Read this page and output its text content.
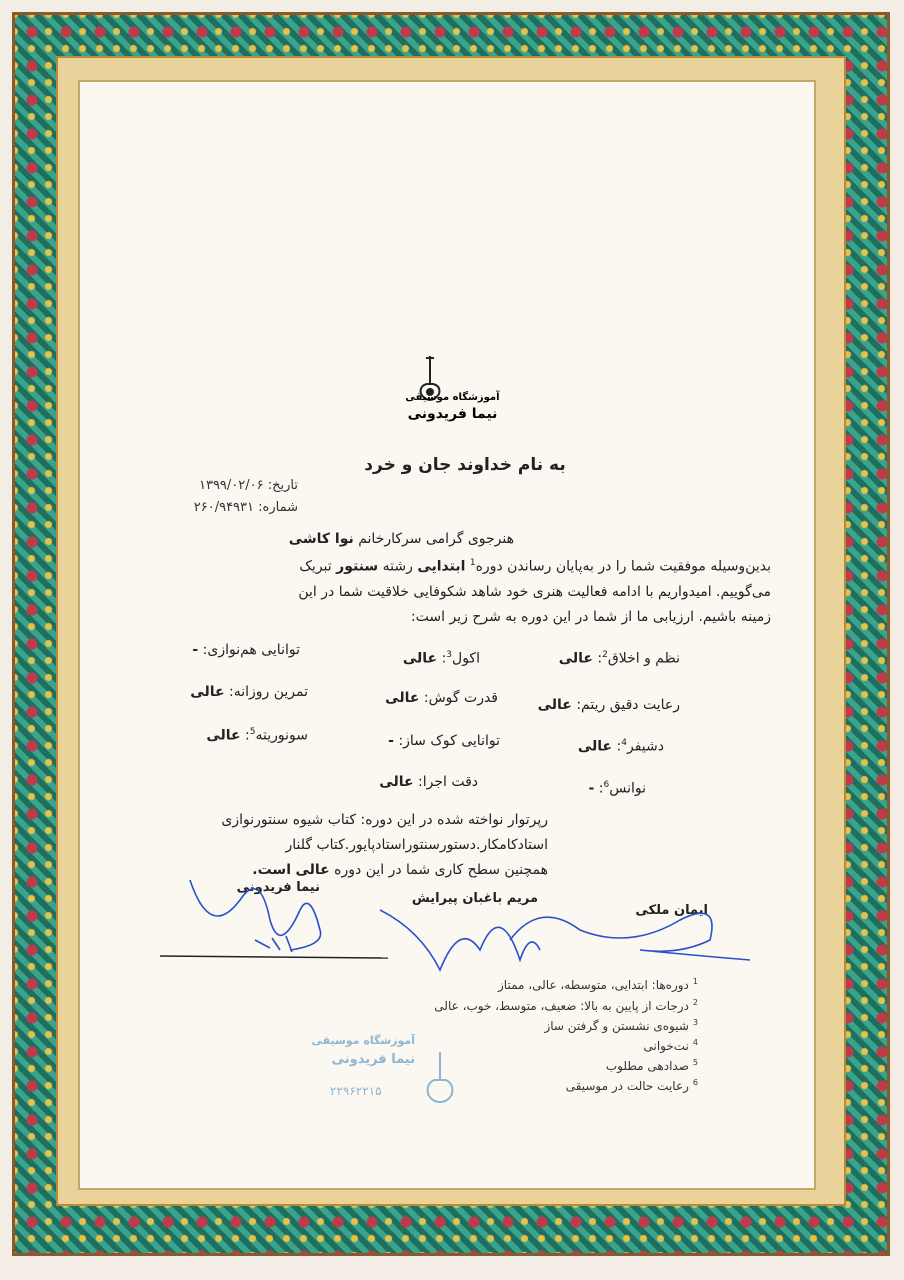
آموزشگاه موسیقی
نیما فریدونی
به نام خداوند جان و خرد
تاریخ: ۱۳۹۹/۰۲/۰۶
شماره: ۲۶۰/۹۴۹۳۱
هنرجوی گرامی سرکارخانم نوا کاشی
بدین‌وسیله موفقیت شما را در به‌پایان رساندن دوره$^1$ ابتدایی رشته سنتور تبریک
می‌گوییم. امیدواریم با ادامه فعالیت هنری خود شاهد شکوفایی خلاقیت شما در این
زمینه باشیم. ارزیابی ما از شما در این دوره به شرح زیر است:
نظم و اخلاق$^2$: عالی
اکول$^3$: عالی
توانایی هم‌نوازی: -
رعایت دقیق ریتم: عالی
قدرت گوش: عالی
تمرین روزانه: عالی
دشیفر$^4$: عالی
توانایی کوک ساز: -
سونوریته$^5$: عالی
نوانس$^6$: -
دقت اجرا: عالی
رپرتوار نواخته شده در این دوره: کتاب شیوه سنتورنوازی
استادکامکار.دستورسنتوراستادپایور.کتاب گلنار
همچنین سطح کاری شما در این دوره عالی است.
ایمان ملکی
مریم باغبان پیرایش
نیما فریدونی
$^1$دوره‌ها: ابتدایی، متوسطه، عالی، ممتاز
$^2$درجات از پایین به بالا: ضعیف، متوسط، خوب، عالی
$^3$شیوه‌ی نشستن و گرفتن ساز
$^4$نت‌خوانی
$^5$صدادهی مطلوب
$^6$رعایت حالت در موسیقی
آموزشگاه موسیقی
نیما فریدونی
۲۲۹۶۲۲۱۵
